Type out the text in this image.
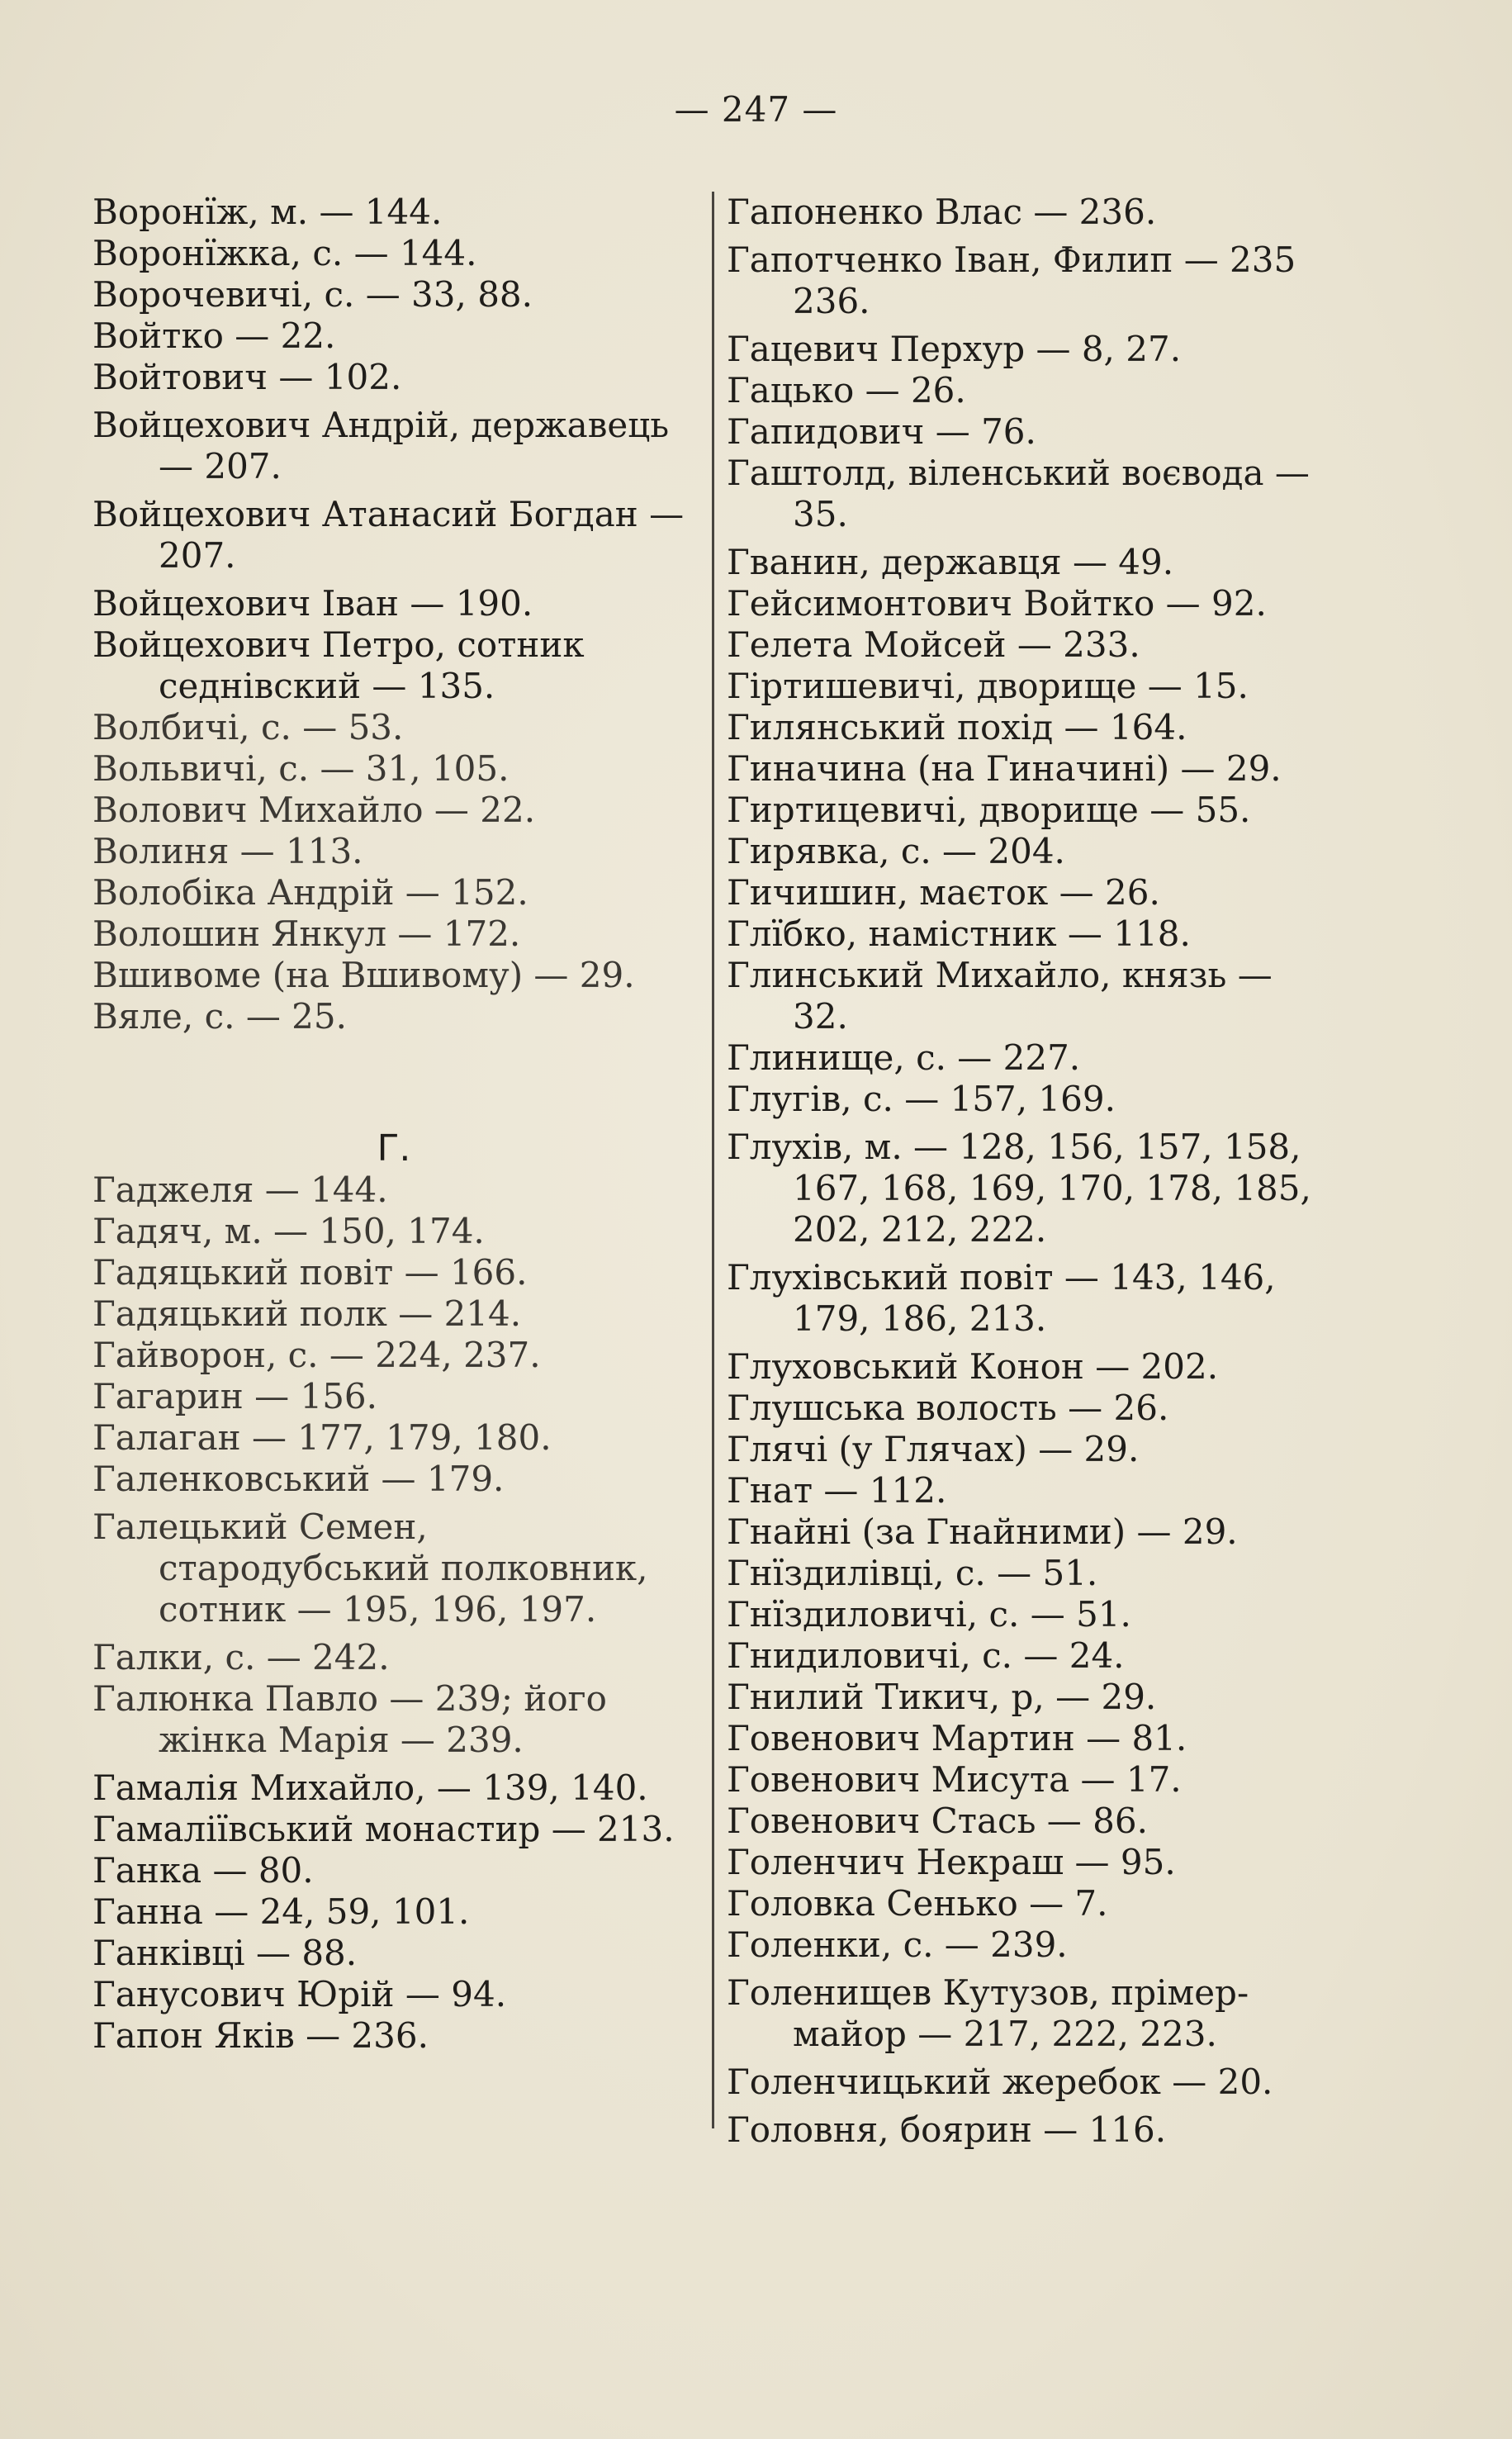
— 247 —

Воронїж, м. — 144.

Воронїжка, с. — 144.

Ворочевичі, с. — 33, 88.

Войтко — 22.

Войтович — 102.

Войцехович Андрій, державець — 207.

Войцехович Атанасий Богдан — 207.

Войцехович Іван — 190.

Войцехович Петро, сотник седнівский — 135.

Волбичі, с. — 53.

Вольвичі, с. — 31, 105.

Волович Михайло — 22.

Волиня — 113.

Волобіка Андрій — 152.

Волошин Янкул — 172.

Вшивоме (на Вшивому) — 29.

Вяле, с. — 25.

Г.

Гаджеля — 144.

Гадяч, м. — 150, 174.

Гадяцький повіт — 166.

Гадяцький полк — 214.

Гайворон, с. — 224, 237.

Гагарин — 156.

Галаган — 177, 179, 180.

Галенковський — 179.

Галецький Семен, стародубський полковник, сотник — 195, 196, 197.

Галки, с. — 242.

Галюнка Павло — 239; його жінка Марія — 239.

Гамалія Михайло, — 139, 140.

Гамаліївський монастир — 213.

Ганка — 80.

Ганна — 24, 59, 101.

Ганківці — 88.

Ганусович Юрій — 94.

Гапон Яків — 236.

Гапоненко Влас — 236.

Гапотченко Іван, Филип — 235 236.

Гацевич Перхур — 8, 27.

Гацько — 26.

Гапидович — 76.

Гаштолд, віленський воєвода — 35.

Гванин, державця — 49.

Гейсимонтович Войтко — 92.

Гелета Мойсей — 233.

Гіртишевичі, дворище — 15.

Гилянський похід — 164.

Гиначина (на Гиначині) — 29.

Гиртицевичі, дворище — 55.

Гирявка, с. — 204.

Гичишин, маєток — 26.

Глїбко, намістник — 118.

Глинський Михайло, князь — 32.

Глинище, с. — 227.

Глугів, с. — 157, 169.

Глухів, м. — 128, 156, 157, 158, 167, 168, 169, 170, 178, 185, 202, 212, 222.

Глухівський повіт — 143, 146, 179, 186, 213.

Глуховський Конон — 202.

Глушська волость — 26.

Глячі (у Глячах) — 29.

Гнат — 112.

Гнайні (за Гнайними) — 29.

Гнїздилівці, с. — 51.

Гнїздиловичі, с. — 51.

Гнидиловичі, с. — 24.

Гнилий Тикич, р, — 29.

Говенович Мартин — 81.

Говенович Мисута — 17.

Говенович Стась — 86.

Голенчич Некраш — 95.

Головка Сенько — 7.

Голенки, с. — 239.

Голенищев Кутузов, прімер-майор — 217, 222, 223.

Голенчицький жеребок — 20.

Головня, боярин — 116.
